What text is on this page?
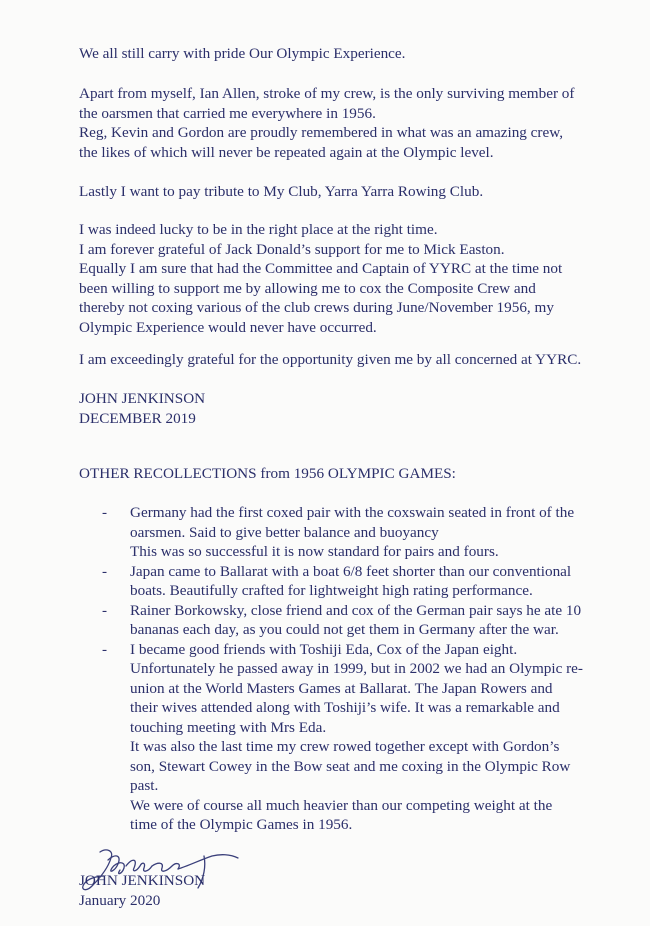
We all still carry with pride Our Olympic Experience.

Apart from myself, Ian Allen, stroke of my crew, is the only surviving member of
the oarsmen that carried me everywhere in 1956.
Reg, Kevin and Gordon are proudly remembered in what was an amazing crew,
the likes of which will never be repeated again at the Olympic level.

Lastly I want to pay tribute to My Club, Yarra Yarra Rowing Club.

I was indeed lucky to be in the right place at the right time.
I am forever grateful of Jack Donald’s support for me to Mick Easton.
Equally I am sure that had the Committee and Captain of YYRC at the time not
been willing to support me by allowing me to cox the Composite Crew and
thereby not coxing various of the club crews during June/November 1956, my
Olympic Experience would never have occurred.

I am exceedingly grateful for the opportunity given me by all concerned at YYRC.

JOHN JENKINSON
DECEMBER 2019

OTHER RECOLLECTIONS from 1956 OLYMPIC GAMES:

- Germany had the first coxed pair with the coxswain seated in front of the
oarsmen. Said to give better balance and buoyancy
This was so successful it is now standard for pairs and fours.
- Japan came to Ballarat with a boat 6/8 feet shorter than our conventional
boats. Beautifully crafted for lightweight high rating performance.
- Rainer Borkowsky, close friend and cox of the German pair says he ate 10
bananas each day, as you could not get them in Germany after the war.
- I became good friends with Toshiji Eda, Cox of the Japan eight.
Unfortunately he passed away in 1999, but in 2002 we had an Olympic re-
union at the World Masters Games at Ballarat. The Japan Rowers and
their wives attended along with Toshiji’s wife. It was a remarkable and
touching meeting with Mrs Eda.
It was also the last time my crew rowed together except with Gordon’s
son, Stewart Cowey in the Bow seat and me coxing in the Olympic Row
past.
We were of course all much heavier than our competing weight at the
time of the Olympic Games in 1956.

JOHN JENKINSON
January 2020
